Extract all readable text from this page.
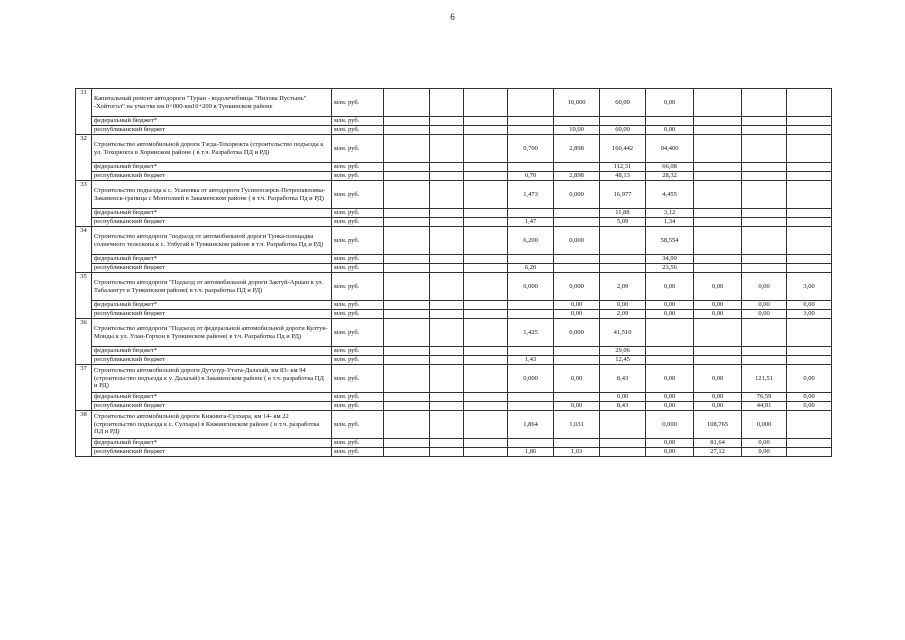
6
31	Капитальный ремонт автодороги "Туран - водолечебница "Нилова Пустынь" -Хойтогол" на участке км 0+000-км10+200 в Тункинском районе	млн. руб.					10,000	60,00	0,00			
	федеральный бюджет*	млн. руб.										
	республиканский бюджет	млн. руб.					10,00	60,00	0,00			
32	Строительство автомобильной дороги Тэгда-Тохорюкта (строительство подъезда к ул. Тохорюкта в Хоринском районе ( в т.ч. Разработка ПД и РД)	млн. руб.				0,700	2,898	160,442	94,400			
	федеральный бюджет*	млн. руб.						112,31	66,08			
	республиканский бюджет	млн. руб.				0,70	2,898	48,13	28,32			
33	Строительство подъезда к с. Усановка от автодороги Гусиноозерск-Петропавловка-Закаменск-граница с Монголией в Закаменском районе ( в т.ч. Разработка Пд и РД)	млн. руб.				1,473	0,000	16,977	4,455			
	федеральный бюджет*	млн. руб.						11,88	3,12			
	республиканский бюджет	млн. руб.				1,47		5,09	1,34			
34	Строительство автодороги "подъезд от автомобильной дороги Тунка-площадка солнечного телескопа к с. Улбугай в Тункинском районе в т.ч. Разработка Пд и РД)	млн. руб.				6,200	0,000		58,554			
	федеральный бюджет*	млн. руб.							34,99			
	республиканский бюджет	млн. руб.				6,20			23,56			
35	Строительство автодороги "Подъезд от автомобильной дороги Зактуй-Аршан к ул. Табалангут в Тункинском районе( в т.ч. разработка ПД и РД)	млн. руб.				0,000	0,000	2,09	0,00	0,00	0,00	3,00
	федеральный бюджет*	млн. руб.					0,00	0,00	0,00	0,00	0,00	0,00
	республиканский бюджет	млн. руб.					0,00	2,09	0,00	0,00	0,00	3,00
36	Строительство автодороги "Подъезд от федеральной автомобильной дороги Култук-Монды к ул. Улан-Горхон в Тункинском районе( в т.ч. Разработка Пд и РД)	млн. руб.				1,425	0,000	41,510				
	федеральный бюджет*	млн. руб.						29,06				
	республиканский бюджет	млн. руб.				1,43		12,45				
37	Строительство автомобильной дороги Дутулур-Утата-Далахай, км 83- км 94 (строительство подъезда к у. Далахай) в Закаменском районе ( в т.ч. разработка ПД и РД)	млн. руб.				0,000	0,00	8,43	0,00	0,00	121,51	0,00
	федеральный бюджет*	млн. руб.						0,00	0,00	0,00	76,59	0,00
	республиканский бюджет	млн. руб.					0,00	8,43	0,00	0,00	44,91	0,00
38	Строительство автомобильной дороги Кижинга-Сулхара, км 14- км 22 (строительство подъезда к с. Сулхара) в Кижингинском районе ( в т.ч. разработка ПД и РД)	млн. руб.				1,864	1,031		0,000	108,765	0,000	
	федеральный бюджет*	млн. руб.							0,00	81,64	0,00	
	республиканский бюджет	млн. руб.				1,86	1,03		0,00	27,12	0,00	
